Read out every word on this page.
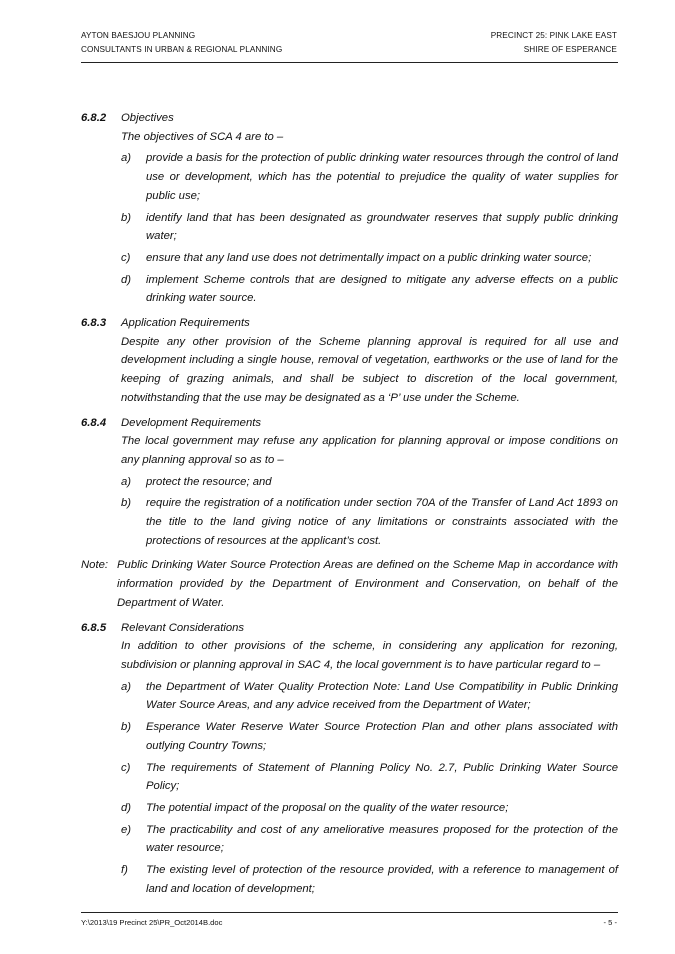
AYTON BAESJOU PLANNING
CONSULTANTS IN URBAN & REGIONAL PLANNING
PRECINCT 25: PINK LAKE EAST
SHIRE OF ESPERANCE
6.8.2	Objectives
The objectives of SCA 4 are to –
a)	provide a basis for the protection of public drinking water resources through the control of land use or development, which has the potential to prejudice the quality of water supplies for public use;
b)	identify land that has been designated as groundwater reserves that supply public drinking water;
c)	ensure that any land use does not detrimentally impact on a public drinking water source;
d)	implement Scheme controls that are designed to mitigate any adverse effects on a public drinking water source.
6.8.3	Application Requirements
Despite any other provision of the Scheme planning approval is required for all use and development including a single house, removal of vegetation, earthworks or the use of land for the keeping of grazing animals, and shall be subject to discretion of the local government, notwithstanding that the use may be designated as a ‘P’ use under the Scheme.
6.8.4	Development Requirements
The local government may refuse any application for planning approval or impose conditions on any planning approval so as to –
a)	protect the resource; and
b)	require the registration of a notification under section 70A of the Transfer of Land Act 1893 on the title to the land giving notice of any limitations or constraints associated with the protections of resources at the applicant’s cost.
Note: Public Drinking Water Source Protection Areas are defined on the Scheme Map in accordance with information provided by the Department of Environment and Conservation, on behalf of the Department of Water.
6.8.5	Relevant Considerations
In addition to other provisions of the scheme, in considering any application for rezoning, subdivision or planning approval in SAC 4, the local government is to have particular regard to –
a)	the Department of Water Quality Protection Note: Land Use Compatibility in Public Drinking Water Source Areas, and any advice received from the Department of Water;
b)	Esperance Water Reserve Water Source Protection Plan and other plans associated with outlying Country Towns;
c)	The requirements of Statement of Planning Policy No. 2.7, Public Drinking Water Source Policy;
d)	The potential impact of the proposal on the quality of the water resource;
e)	The practicability and cost of any ameliorative measures proposed for the protection of the water resource;
f)	The existing level of protection of the resource provided, with a reference to management of land and location of development;
Y:\2013\19 Precinct 25\PR_Oct2014B.doc	- 5 -
